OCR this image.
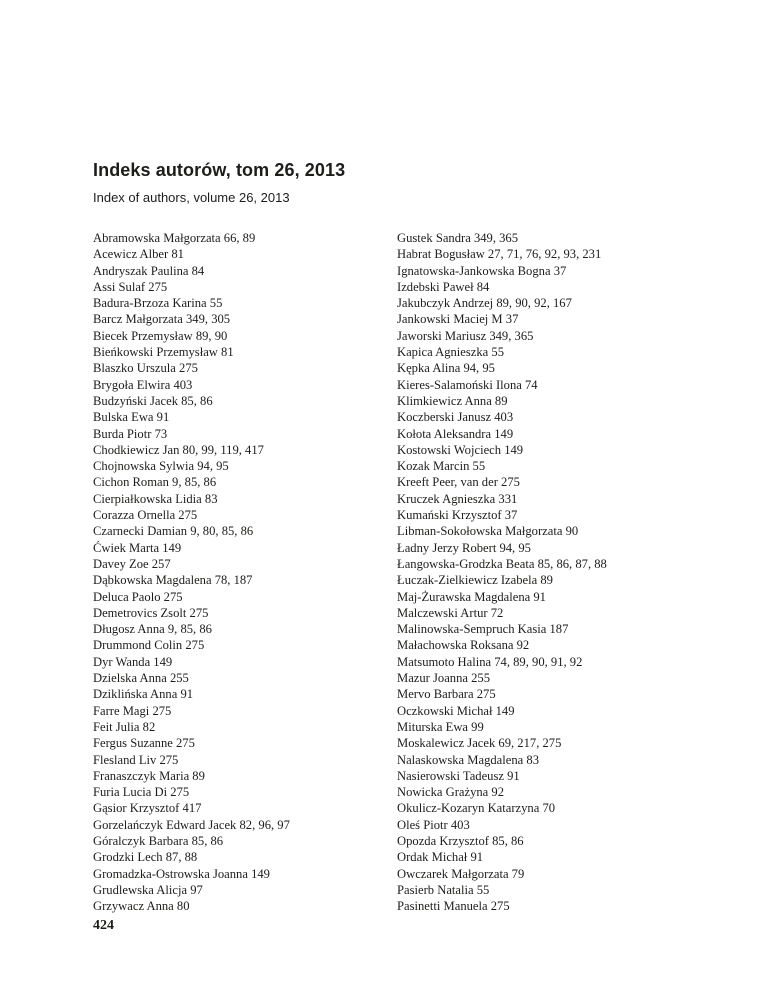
Indeks autorów, tom 26, 2013

Index of authors, volume 26, 2013

Abramowska Małgorzata 66, 89
Acewicz Alber 81
Andryszak Paulina 84
Assi Sulaf 275
Badura-Brzoza Karina 55
Barcz Małgorzata 349, 305
Biecek Przemysław 89, 90
Bieńkowski Przemysław 81
Blaszko Urszula 275
Brygoła Elwira 403
Budzyński Jacek 85, 86
Bulska Ewa 91
Burda Piotr 73
Chodkiewicz Jan 80, 99, 119, 417
Chojnowska Sylwia 94, 95
Cichon Roman 9, 85, 86
Cierpiałkowska Lidia 83
Corazza Ornella 275
Czarnecki Damian 9, 80, 85, 86
Ćwiek Marta 149
Davey Zoe 257
Dąbkowska Magdalena 78, 187
Deluca Paolo 275
Demetrovics Zsolt 275
Długosz Anna 9, 85, 86
Drummond Colin 275
Dyr Wanda 149
Dzielska Anna 255
Dziklińska Anna 91
Farre Magi 275
Feit Julia 82
Fergus Suzanne 275
Flesland Liv 275
Franaszczyk Maria 89
Furia Lucia Di 275
Gąsior Krzysztof 417
Gorzelańczyk Edward Jacek 82, 96, 97
Góralczyk Barbara 85, 86
Grodzki Lech 87, 88
Gromadzka-Ostrowska Joanna 149
Grudlewska Alicja 97
Grzywacz Anna 80
Gustek Sandra 349, 365
Habrat Bogusław 27, 71, 76, 92, 93, 231
Ignatowska-Jankowska Bogna 37
Izdebski Paweł 84
Jakubczyk Andrzej 89, 90, 92, 167
Jankowski Maciej M 37
Jaworski Mariusz 349, 365
Kapica Agnieszka 55
Kępka Alina 94, 95
Kieres-Salamoński Ilona 74
Klimkiewicz Anna 89
Koczberski Janusz 403
Kołota Aleksandra 149
Kostowski Wojciech 149
Kozak Marcin 55
Kreeft Peer, van der 275
Kruczek Agnieszka 331
Kumański Krzysztof 37
Libman-Sokołowska Małgorzata 90
Ładny Jerzy Robert 94, 95
Łangowska-Grodzka Beata 85, 86, 87, 88
Łuczak-Zielkiewicz Izabela 89
Maj-Żurawska Magdalena 91
Malczewski Artur 72
Malinowska-Sempruch Kasia 187
Małachowska Roksana 92
Matsumoto Halina 74, 89, 90, 91, 92
Mazur Joanna 255
Mervo Barbara 275
Oczkowski Michał 149
Miturska Ewa 99
Moskalewicz Jacek 69, 217, 275
Nalaskowska Magdalena 83
Nasierowski Tadeusz 91
Nowicka Grażyna 92
Okulicz-Kozaryn Katarzyna 70
Oleś Piotr 403
Opozda Krzysztof 85, 86
Ordak Michał 91
Owczarek Małgorzata 79
Pasierb Natalia 55
Pasinetti Manuela 275

424
